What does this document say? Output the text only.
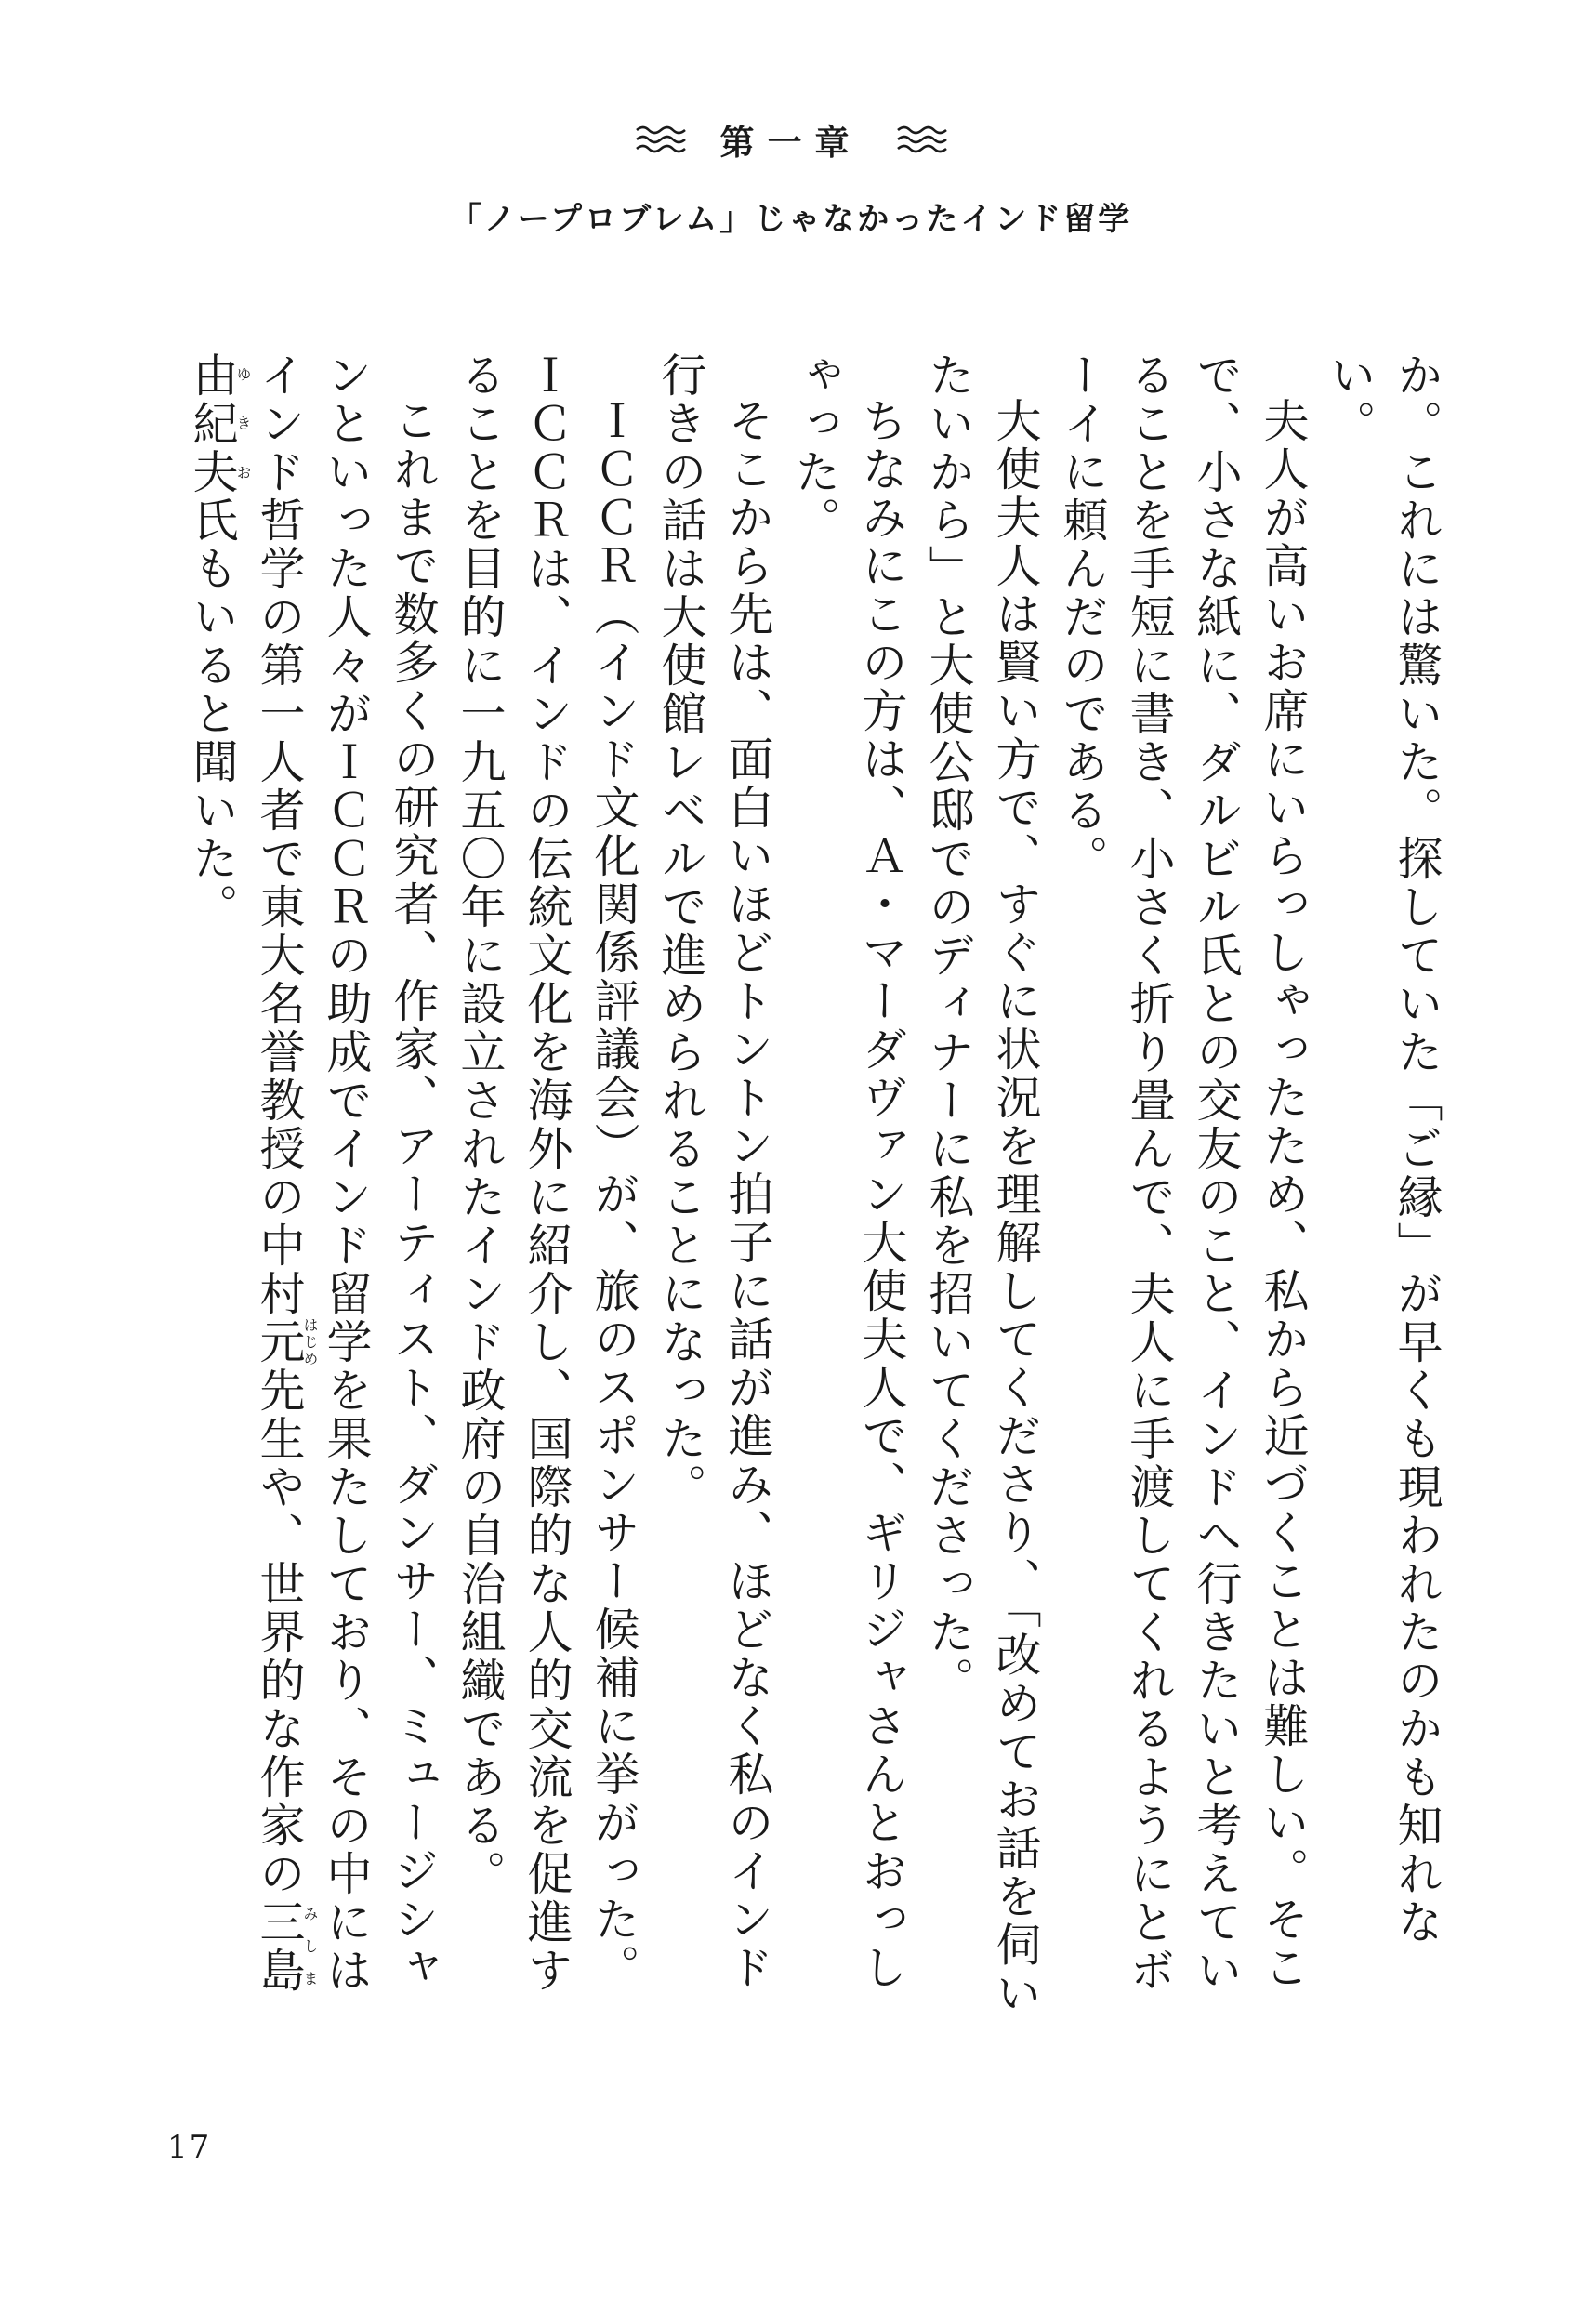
第一章
「ノープロブレム」じゃなかったインド留学

か。これには驚いた。探していた「ご縁」が早くも現われたのかも知れない。

夫人が高いお席にいらっしゃったため、私から近づくことは難しい。そこで、小さな紙に、ダルビル氏との交友のこと、インドへ行きたいと考えていることを手短に書き、小さく折り畳んで、夫人に手渡してくれるようにとボーイに頼んだのである。

大使夫人は賢い方で、すぐに状況を理解してくださり、「改めてお話を伺いたいから」と大使公邸でのディナーに私を招いてくださった。

ちなみにこの方は、Ａ・マーダヴァン大使夫人で、ギリジャさんとおっしゃった。

そこから先は、面白いほどトントン拍子に話が進み、ほどなく私のインド行きの話は大使館レベルで進められることになった。

ＩＣＣＲ（インド文化関係評議会）が、旅のスポンサー候補に挙がった。ＩＣＣＲは、インドの伝統文化を海外に紹介し、国際的な人的交流を促進することを目的に一九五〇年に設立されたインド政府の自治組織である。

これまで数多くの研究者、作家、アーティスト、ダンサー、ミュージシャンといった人々がＩＣＣＲの助成でインド留学を果たしており、その中にはインド哲学の第一人者で東大名誉教授の中村元はじめ先生や、世界的な作家の三島由紀夫みしまゆきお氏もいると聞いた。

17
